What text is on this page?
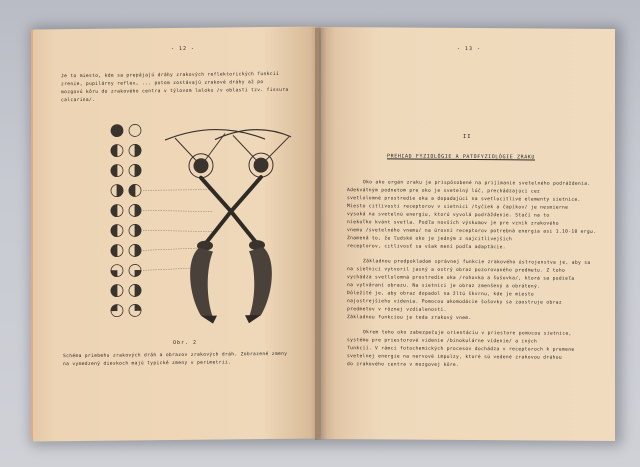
- 12 -
Je to miesto, kde sa prepájajú dráhy zrakových reflektorických funkcií
zrenie, pupilárny reflex, ... potom zostávajú zrakové dráhy až po
mozgovú kôru do zrakového centra v týlovom laloku /v oblasti tzv. fissura
calcarina/.
Obr. 2
Schéma priebehu zrakových dráh a obrazov zrakových dráh. Zobrazené zmeny
na vymedzený dieskoch majú typické zmeny v perimetrii.
- 13 -
II
PREHĽAD FYZIOLÓGIE A PATOFYZIOLÓGIE ZRAKU
Oko ako orgán zraku je prispôsobené na prijímanie svetelného podráždenia.
Adekvátným podnetom pre oko je svetelný lúč, prechádzajúci cez
svetlolomné prostredie oka a dopadajúci na svetlocitlivé elementy sietnice.
Miesto citlivosti receptorov v sietnici /tyčiek a čapíkov/ je nesmierne
vysoká na svetelnú energiu, ktorú vyvolá podráždenie. Stačí na to
niekoľko kvánt svetla. Podľa novších výskumov je pre vznik zrakového
vnemu /svetelného vnemu/ na úrovni receptorov potrebná energia asi 1.10-10 ergu.
Znamená to, že ľudské oko je jedným z najcitlivejších
receptorov, citlivosť sa však mení podľa adaptácie.
Základnou predpokladom správnej funkcie zrakového ústrojenstva je, aby sa
na sietnici vytvoril jasný a ostrý obraz pozorovaného predmetu. Z toho
vychádza svetlolomná prostredie oka /rohovka a šošovka/, ktorá sa podieľa
na vytváraní obrazu. Na sietnici je obraz zmenšený a obrátený.
Dôležité je, aby obraz dopadol na žltú škvrnu, kde je miesto
najostrejšieho videnia. Pomocou akomodácie šošovky sa zaostruje obraz
predmetov v rôznej vzdialenosti.
Základnou funkciou je teda zrakový vnem.
Okrem toho oko zabezpečuje orientáciu v priestore pomocou sietnice,
systému pre priestorové videnie /binokulárne videnie/ a iných
funkcií. V rámci fotochemických procesov dochádza v receptoroch k premene
svetelnej energie na nervové impulzy, ktoré sú vedené zrakovou dráhou
do zrakového centra v mozgovej kôre.
